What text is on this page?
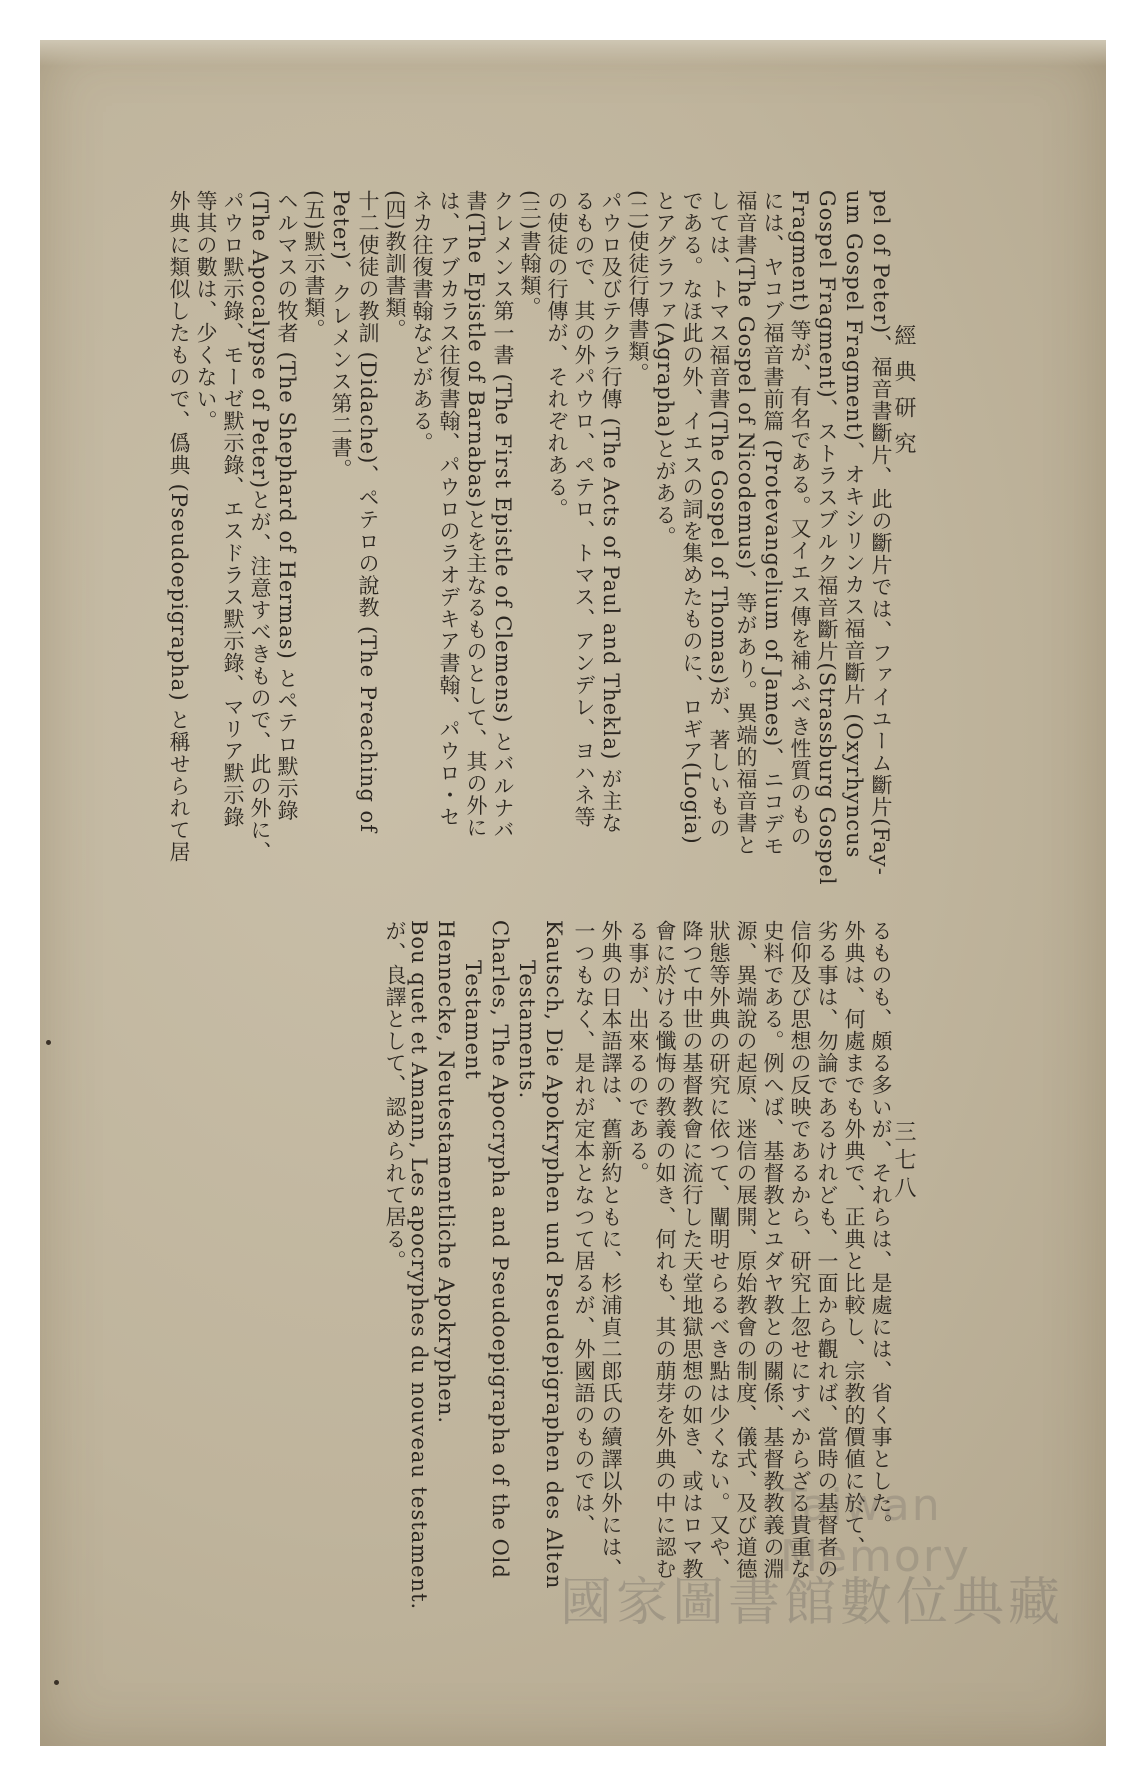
經典研究
三七八
pel of Peter)、福音書斷片、此の斷片では、ファイユーム斷片(Fay-
um Gospel Fragment)、オキシリンカス福音斷片 (Oxyrhyncus
Gospel Fragment)、ストラスブルク福音斷片(Strassburg Gospel
Fragment) 等が、有名である。又イエス傳を補ふべき性質のもの
には、ヤコブ福音書前篇 (Protevangelium of James)、ニコデモ
福音書(The Gospel of Nicodemus)、等があり。異端的福音書と
しては、トマス福音書(The Gospel of Thomas)が、著しいもの
である。なほ此の外、イエスの詞を集めたものに、ロギア(Logia)
とアグラファ(Agrapha)とがある。
(二)使徒行傳書類。
パウロ及びテクラ行傳 (The Acts of Paul and Thekla) が主な
るもので、其の外パウロ、ペテロ、トマス、アンデレ、ヨハネ等
の使徒の行傳が、それぞれある。
(三)書翰類。
クレメンス第一書 (The First Epistle of Clemens) とバルナバ
書(The Epistle of Barnabas)とを主なるものとして、其の外に
は、アブカラス往復書翰、パウロのラオデキア書翰、パウロ・セ
ネカ往復書翰などがある。
(四)教訓書類。
十二使徒の教訓 (Didache)、ペテロの說教 (The Preaching of
Peter)、クレメンス第二書。
(五)默示書類。
ヘルマスの牧者 (The Shephard of Hermas) とペテロ默示錄
(The Apocalypse of Peter)とが、注意すべきもので、此の外に、
パウロ默示錄、モーゼ默示錄、エスドラス默示錄、マリア默示錄
等其の數は、少くない。
外典に類似したもので、僞典 (Pseudoepigrapha) と稱せられて居
るものも、頗る多いが、それらは、是處には、省く事とした。
外典は、何處までも外典で、正典と比較し、宗教的價値に於て、
劣る事は、勿論であるけれども、一面から觀れば、當時の基督者の
信仰及び思想の反映であるから、研究上忽せにすべからざる貴重な
史料である。例へば、基督教とユダヤ教との關係、基督教教義の淵
源、異端說の起原、迷信の展開、原始教會の制度、儀式、及び道德
狀態等外典の研究に依つて、闡明せらるべき點は少くない。又や、
降つて中世の基督教會に流行した天堂地獄思想の如き、或はロマ教
會に於ける懺悔の教義の如き、何れも、其の萠芽を外典の中に認む
る事が、出來るのである。
外典の日本語譯は、舊新約ともに、杉浦貞二郎氏の續譯以外には、
一つもなく、是れが定本となつて居るが、外國語のものでは、
Kautsch, Die Apokryphen und Pseudepigraphen des Alten
Testaments.
Charles, The Apocrypha and Pseudoepigrapha of the Old
Testament
Hennecke, Neutestamentliche Apokryphen.
Bou quet et Amann, Les apocryphes du nouveau testament.
が、良譯として、認められて居る。
Taiwan Memory
國家圖書館數位典藏
